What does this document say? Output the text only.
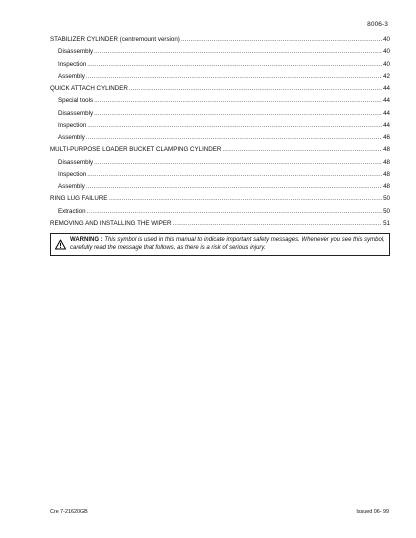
8006-3
STABILIZER CYLINDER (centremount version) .....	40
Disassembly .....	40
Inspection .....	40
Assembly .....	42
QUICK ATTACH CYLINDER .....	44
Special tools .....	44
Disassembly .....	44
Inspection .....	44
Assembly .....	46
MULTI-PURPOSE LOADER BUCKET CLAMPING CYLINDER .....	48
Disassembly .....	48
Inspection .....	48
Assembly .....	48
RING LUG FAILURE .....	50
Extraction .....	50
REMOVING AND INSTALLING THE WIPER .....	51
WARNING : This symbol is used in this manual to indicate important safety messages. Whenever you see this symbol, carefully read the message that follows, as there is a risk of serious injury.
Cre 7-21620GB	Issued 06- 99
